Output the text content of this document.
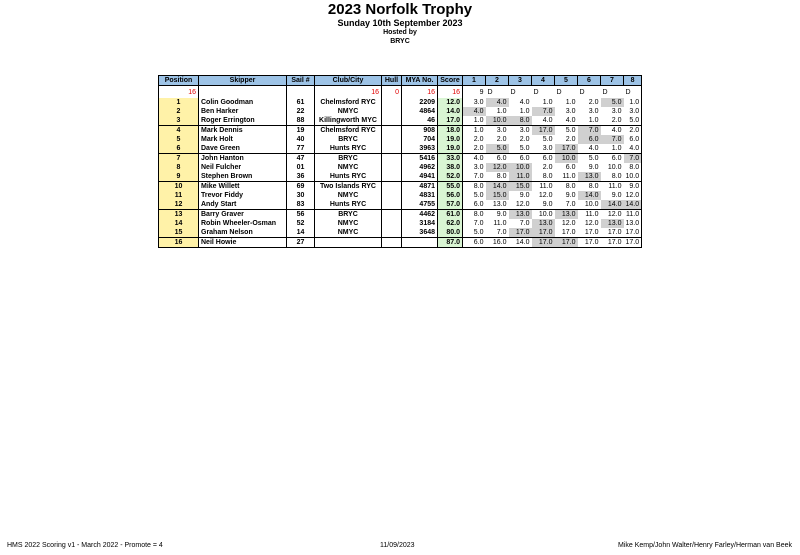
2023 Norfolk Trophy
Sunday 10th September 2023
Hosted by
BRYC
Position	Skipper	Sail #	Club/City	Hull	MYA No.	Score	1	2	3	4	5	6	7	8
16			16	0	16	16	9	D	D	D	D	D	D	D
1	Colin Goodman	61	Chelmsford RYC		2209	12.0	3.0	4.0	4.0	1.0	1.0	2.0	5.0	1.0
2	Ben Harker	22	NMYC		4864	14.0	4.0	1.0	1.0	7.0	3.0	3.0	3.0	3.0
3	Roger Errington	88	Killingworth MYC		46	17.0	1.0	10.0	8.0	4.0	4.0	1.0	2.0	5.0
4	Mark Dennis	19	Chelmsford RYC		908	18.0	1.0	3.0	3.0	17.0	5.0	7.0	4.0	2.0
5	Mark Holt	40	BRYC		704	19.0	2.0	2.0	2.0	5.0	2.0	6.0	7.0	6.0
6	Dave Green	77	Hunts RYC		3963	19.0	2.0	5.0	5.0	3.0	17.0	4.0	1.0	4.0
7	John Hanton	47	BRYC		5416	33.0	4.0	6.0	6.0	6.0	10.0	5.0	6.0	7.0
8	Neil Fulcher	01	NMYC		4962	38.0	3.0	12.0	10.0	2.0	6.0	9.0	10.0	8.0
9	Stephen Brown	36	Hunts RYC		4941	52.0	7.0	8.0	11.0	8.0	11.0	13.0	8.0	10.0
10	Mike Willett	69	Two Islands RYC		4871	55.0	8.0	14.0	15.0	11.0	8.0	8.0	11.0	9.0
11	Trevor Fiddy	30	NMYC		4831	56.0	5.0	15.0	9.0	12.0	9.0	14.0	9.0	12.0
12	Andy Start	83	Hunts RYC		4755	57.0	6.0	13.0	12.0	9.0	7.0	10.0	14.0	14.0
13	Barry Graver	56	BRYC		4462	61.0	8.0	9.0	13.0	10.0	13.0	11.0	12.0	11.0
14	Robin Wheeler-Osman	52	NMYC		3184	62.0	7.0	11.0	7.0	13.0	12.0	12.0	13.0	13.0
15	Graham Nelson	14	NMYC		3648	80.0	5.0	7.0	17.0	17.0	17.0	17.0	17.0	17.0
16	Neil Howie	27				87.0	6.0	16.0	14.0	17.0	17.0	17.0	17.0	17.0
HMS 2022 Scoring v1 - March 2022 - Promote = 4	11/09/2023	Mike Kemp/John Walter/Henry Farley/Herman van Beek
